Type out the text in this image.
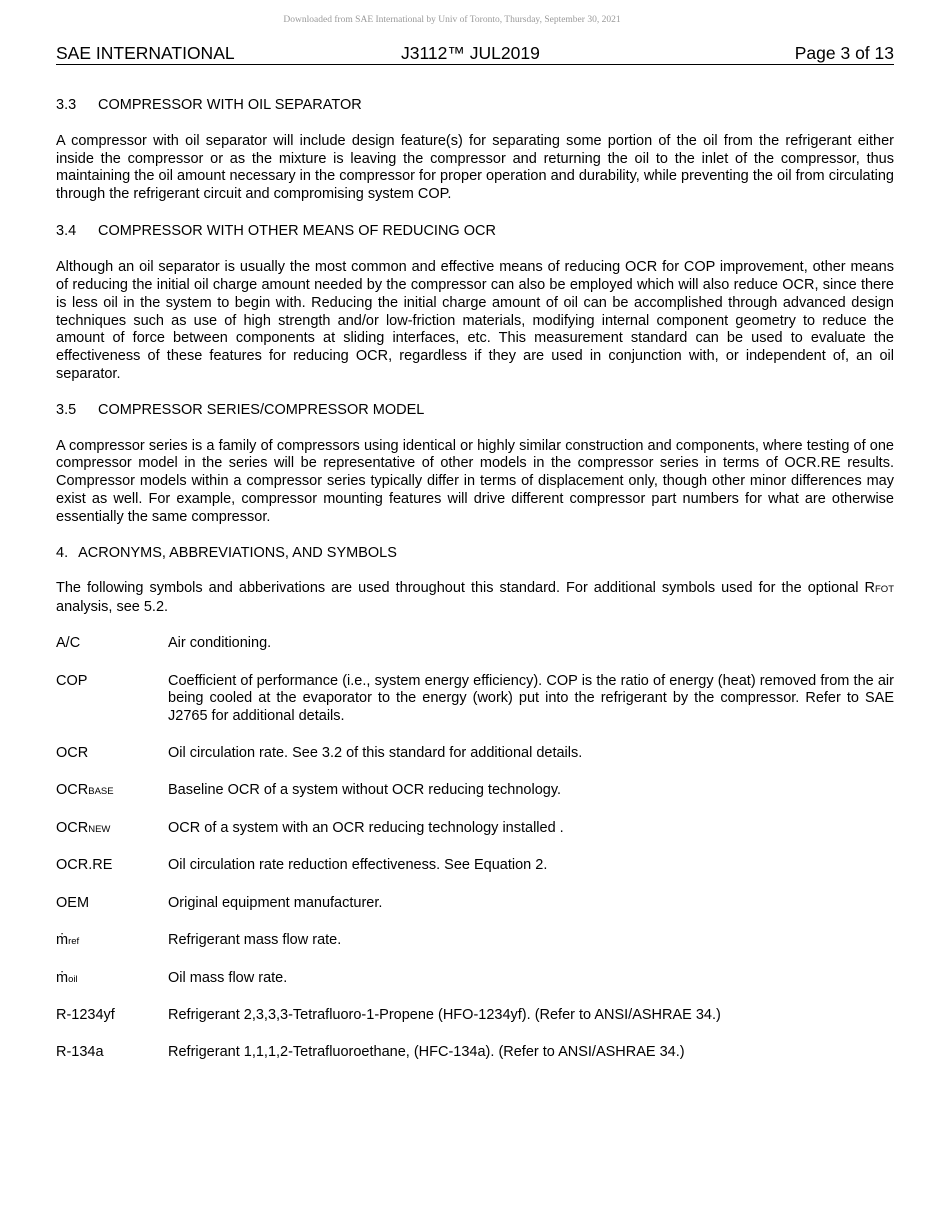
Downloaded from SAE International by Univ of Toronto, Thursday, September 30, 2021
SAE INTERNATIONAL	J3112™ JUL2019	Page 3 of 13
3.3 COMPRESSOR WITH OIL SEPARATOR

A compressor with oil separator will include design feature(s) for separating some portion of the oil from the refrigerant either inside the compressor or as the mixture is leaving the compressor and returning the oil to the inlet of the compressor, thus maintaining the oil amount necessary in the compressor for proper operation and durability, while preventing the oil from circulating through the refrigerant circuit and compromising system COP.

3.4 COMPRESSOR WITH OTHER MEANS OF REDUCING OCR

Although an oil separator is usually the most common and effective means of reducing OCR for COP improvement, other means of reducing the initial oil charge amount needed by the compressor can also be employed which will also reduce OCR, since there is less oil in the system to begin with. Reducing the initial charge amount of oil can be accomplished through advanced design techniques such as use of high strength and/or low-friction materials, modifying internal component geometry to reduce the amount of force between components at sliding interfaces, etc. This measurement standard can be used to evaluate the effectiveness of these features for reducing OCR, regardless if they are used in conjunction with, or independent of, an oil separator.

3.5 COMPRESSOR SERIES/COMPRESSOR MODEL

A compressor series is a family of compressors using identical or highly similar construction and components, where testing of one compressor model in the series will be representative of other models in the compressor series in terms of OCR.RE results. Compressor models within a compressor series typically differ in terms of displacement only, though other minor differences may exist as well. For example, compressor mounting features will drive different compressor part numbers for what are otherwise essentially the same compressor.

4. ACRONYMS, ABBREVIATIONS, AND SYMBOLS

The following symbols and abberivations are used throughout this standard. For additional symbols used for the optional RFOT analysis, see 5.2.

A/C	Air conditioning.
COP	Coefficient of performance (i.e., system energy efficiency). COP is the ratio of energy (heat) removed from the air being cooled at the evaporator to the energy (work) put into the refrigerant by the compressor. Refer to SAE J2765 for additional details.
OCR	Oil circulation rate. See 3.2 of this standard for additional details.
OCRBASE	Baseline OCR of a system without OCR reducing technology.
OCRNEW	OCR of a system with an OCR reducing technology installed .
OCR.RE	Oil circulation rate reduction effectiveness. See Equation 2.
OEM	Original equipment manufacturer.
ṁref	Refrigerant mass flow rate.
ṁoil	Oil mass flow rate.
R-1234yf	Refrigerant 2,3,3,3-Tetrafluoro-1-Propene (HFO-1234yf). (Refer to ANSI/ASHRAE 34.)
R-134a	Refrigerant 1,1,1,2-Tetrafluoroethane, (HFC-134a). (Refer to ANSI/ASHRAE 34.)
